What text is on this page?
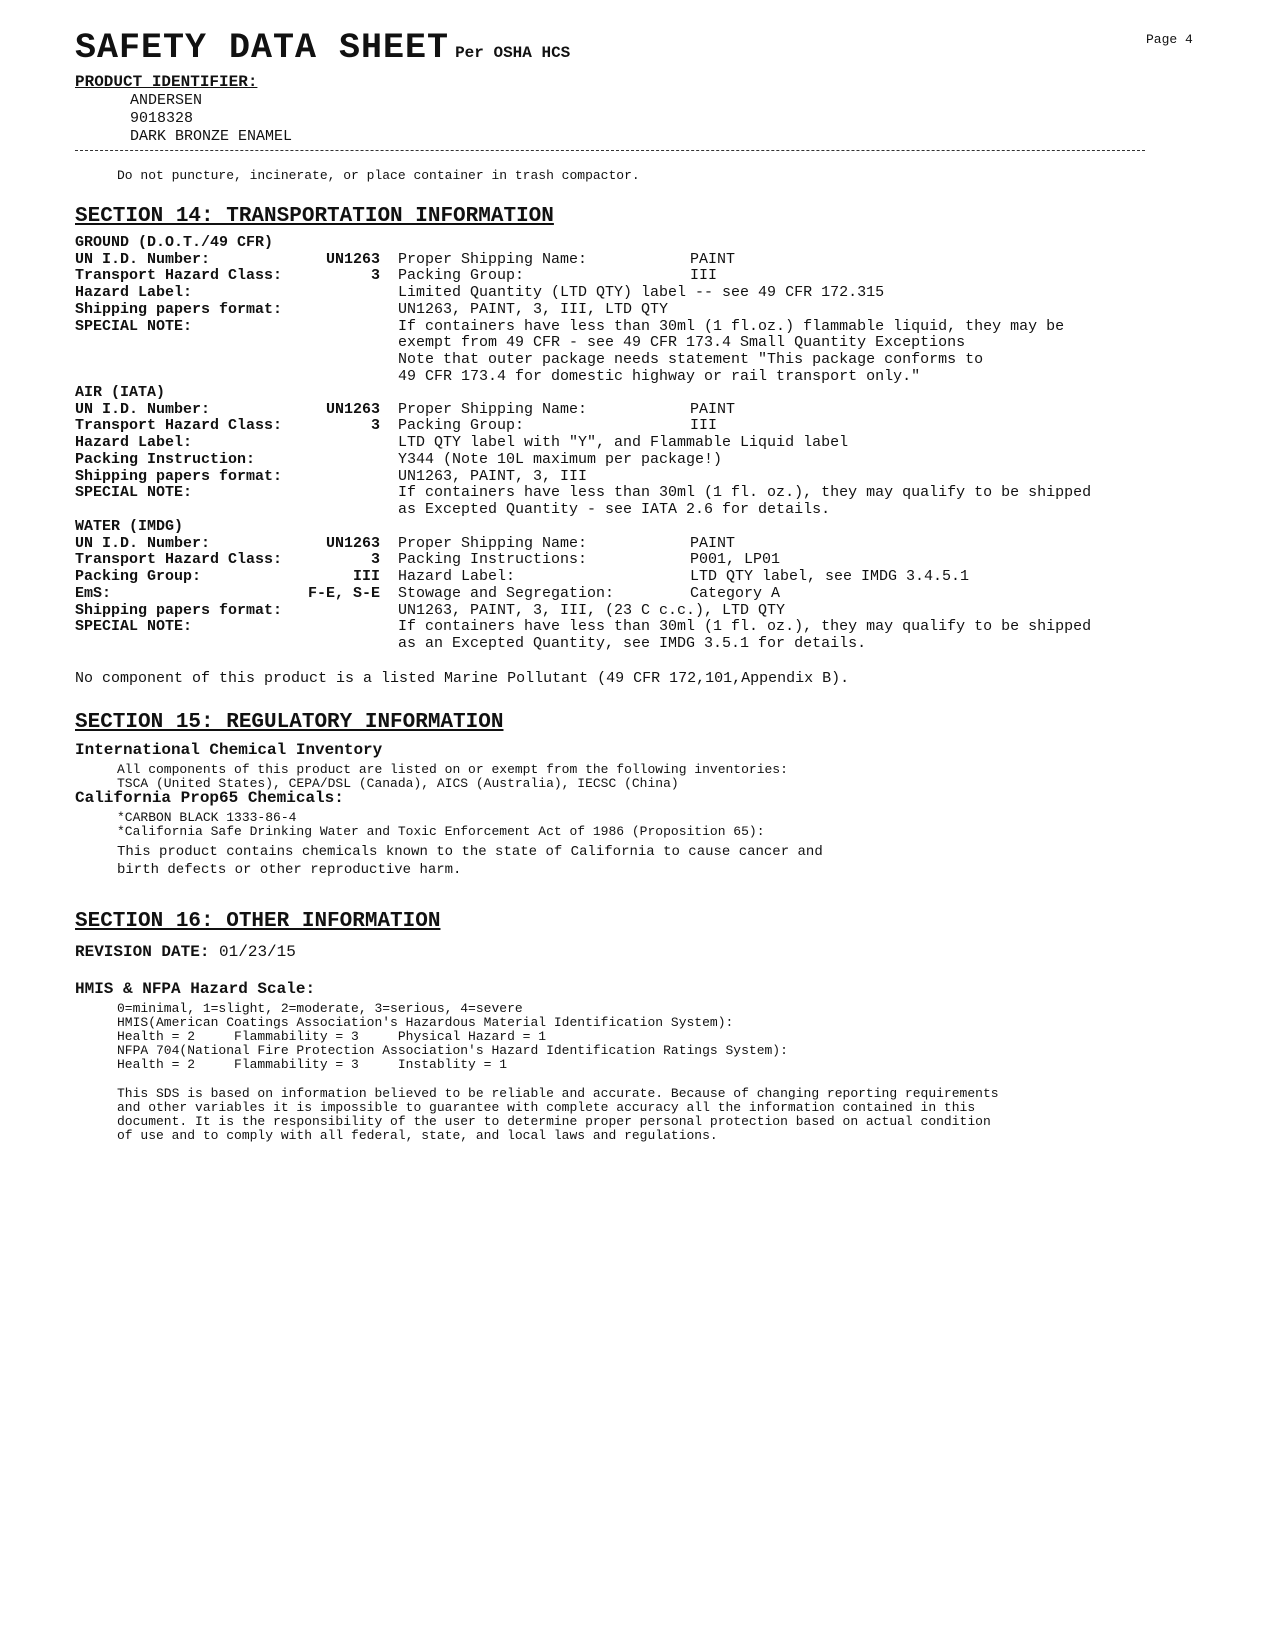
SAFETY DATA SHEET Per OSHA HCS
Page 4
PRODUCT IDENTIFIER:
ANDERSEN
9018328
DARK BRONZE ENAMEL
Do not puncture, incinerate, or place container in trash compactor.
SECTION 14: TRANSPORTATION INFORMATION
GROUND (D.O.T./49 CFR)
UN I.D. Number:	UN1263 Proper Shipping Name:	PAINT
Transport Hazard Class:	3 Packing Group:	III
Hazard Label:	Limited Quantity (LTD QTY) label -- see 49 CFR 172.315
Shipping papers format:	UN1263, PAINT, 3, III, LTD QTY
SPECIAL NOTE:	If containers have less than 30ml (1 fl.oz.) flammable liquid, they may be
exempt from 49 CFR - see 49 CFR 173.4 Small Quantity Exceptions
Note that outer package needs statement "This package conforms to
49 CFR 173.4 for domestic highway or rail transport only."
AIR (IATA)
UN I.D. Number:	UN1263 Proper Shipping Name:	PAINT
Transport Hazard Class:	3 Packing Group:	III
Hazard Label:	LTD QTY label with "Y", and Flammable Liquid label
Packing Instruction:	Y344 (Note 10L maximum per package!)
Shipping papers format:	UN1263, PAINT, 3, III
SPECIAL NOTE:	If containers have less than 30ml (1 fl. oz.), they may qualify to be shipped
as Excepted Quantity - see IATA 2.6 for details.
WATER (IMDG)
UN I.D. Number:	UN1263 Proper Shipping Name:	PAINT
Transport Hazard Class:	3 Packing Instructions:	P001, LP01
Packing Group:	III Hazard Label:	LTD QTY label, see IMDG 3.4.5.1
EmS:	F-E, S-E Stowage and Segregation:	Category A
Shipping papers format:	UN1263, PAINT, 3, III, (23 C c.c.), LTD QTY
SPECIAL NOTE:	If containers have less than 30ml (1 fl. oz.), they may qualify to be shipped
as an Excepted Quantity, see IMDG 3.5.1 for details.
No component of this product is a listed Marine Pollutant (49 CFR 172,101,Appendix B).
SECTION 15: REGULATORY INFORMATION
International Chemical Inventory
All components of this product are listed on or exempt from the following inventories:
TSCA (United States), CEPA/DSL (Canada), AICS (Australia), IECSC (China)
California Prop65 Chemicals:
*CARBON BLACK 1333-86-4
*California Safe Drinking Water and Toxic Enforcement Act of 1986 (Proposition 65):
This product contains chemicals known to the state of California to cause cancer and
birth defects or other reproductive harm.
SECTION 16: OTHER INFORMATION
REVISION DATE: 01/23/15
HMIS & NFPA Hazard Scale:
0=minimal, 1=slight, 2=moderate, 3=serious, 4=severe
HMIS(American Coatings Association's Hazardous Material Identification System):
Health = 2     Flammability = 3     Physical Hazard = 1
NFPA 704(National Fire Protection Association's Hazard Identification Ratings System):
Health = 2     Flammability = 3     Instablity = 1
This SDS is based on information believed to be reliable and accurate. Because of changing reporting requirements
and other variables it is impossible to guarantee with complete accuracy all the information contained in this
document. It is the responsibility of the user to determine proper personal protection based on actual condition
of use and to comply with all federal, state, and local laws and regulations.
